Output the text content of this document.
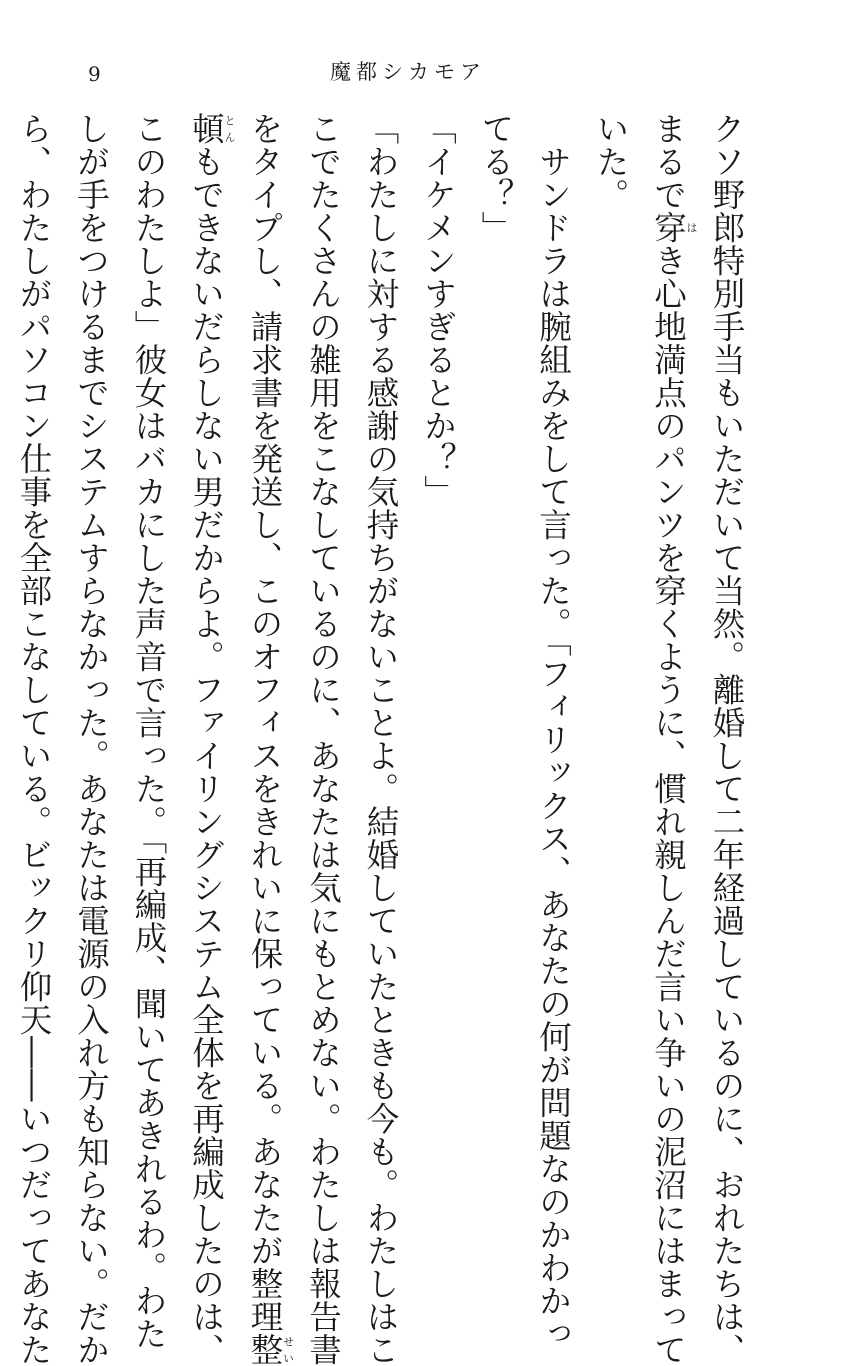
9	魔都シカモア
クソ野郎特別手当もいただいて当然。離婚して二年経過しているのに、おれたちは、
まるで穿はき心地満点のパンツを穿くように、慣れ親しんだ言い争いの泥沼にはまって
いた。
サンドラは腕組みをして言った。「フィリックス、あなたの何が問題なのかわかっ
てる？」
「イケメンすぎるとか？」
「わたしに対する感謝の気持ちがないことよ。結婚していたときも今も。わたしはこ
こでたくさんの雑用をこなしているのに、あなたは気にもとめない。わたしは報告書
をタイプし、請求書を発送し、このオフィスをきれいに保っている。あなたが整理整せい
頓とんもできないだらしない男だからよ。ファイリングシステム全体を再編成したのは、
このわたしよ」彼女はバカにした声音で言った。「再編成、聞いてあきれるわ。わた
しが手をつけるまでシステムすらなかった。あなたは電源の入れ方も知らない。だか
ら、わたしがパソコン仕事を全部こなしている。ビックリ仰天――いつだってあなた
